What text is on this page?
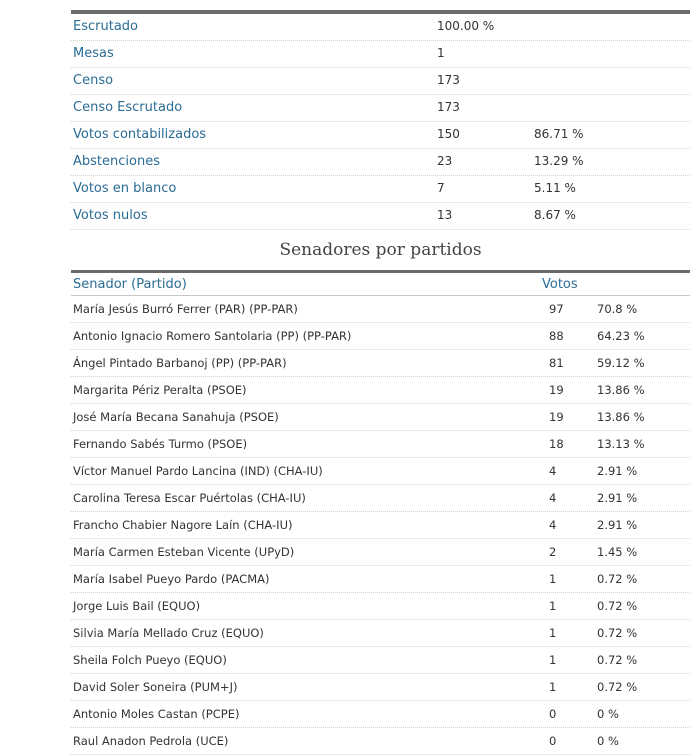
Escrutado	100.00 %
Mesas	1
Censo	173
Censo Escrutado	173
Votos contabilizados	150	86.71 %
Abstenciones	23	13.29 %
Votos en blanco	7	5.11 %
Votos nulos	13	8.67 %
Senadores por partidos
Senador (Partido)	Votos
María Jesús Burró Ferrer (PAR) (PP-PAR)	97	70.8 %
Antonio Ignacio Romero Santolaria (PP) (PP-PAR)	88	64.23 %
Ángel Pintado Barbanoj (PP) (PP-PAR)	81	59.12 %
Margarita Périz Peralta (PSOE)	19	13.86 %
José María Becana Sanahuja (PSOE)	19	13.86 %
Fernando Sabés Turmo (PSOE)	18	13.13 %
Víctor Manuel Pardo Lancina (IND) (CHA-IU)	4	2.91 %
Carolina Teresa Escar Puértolas (CHA-IU)	4	2.91 %
Francho Chabier Nagore Laín (CHA-IU)	4	2.91 %
María Carmen Esteban Vicente (UPyD)	2	1.45 %
María Isabel Pueyo Pardo (PACMA)	1	0.72 %
Jorge Luis Bail (EQUO)	1	0.72 %
Silvia María Mellado Cruz (EQUO)	1	0.72 %
Sheila Folch Pueyo (EQUO)	1	0.72 %
David Soler Soneira (PUM+J)	1	0.72 %
Antonio Moles Castan (PCPE)	0	0 %
Raul Anadon Pedrola (UCE)	0	0 %
